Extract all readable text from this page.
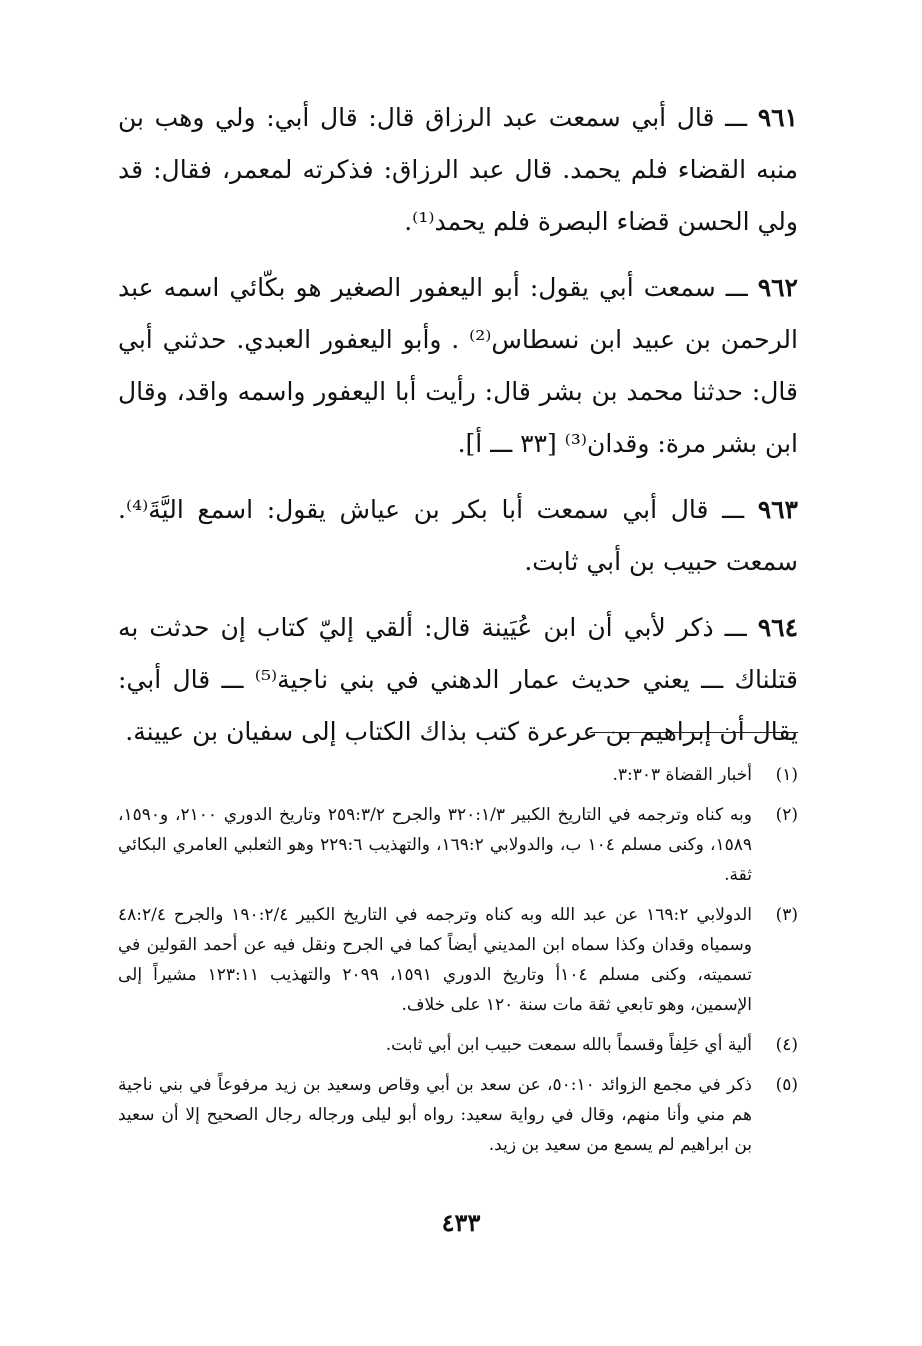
٩٦١ ـــ قال أبي سمعت عبد الرزاق قال: قال أبي: ولي وهب بن منبه القضاء فلم يحمد. قال عبد الرزاق: فذكرته لمعمر، فقال: قد ولي الحسن قضاء البصرة فلم يحمد⁽¹⁾.

٩٦٢ ـــ سمعت أبي يقول: أبو اليعفور الصغير هو بكّائي اسمه عبد الرحمن بن عبيد ابن نسطاس⁽²⁾ . وأبو اليعفور العبدي. حدثني أبي قال: حدثنا محمد بن بشر قال: رأيت أبا اليعفور واسمه واقد، وقال ابن بشر مرة: وقدان⁽³⁾ [٣٣ ـــ أ].

٩٦٣ ـــ قال أبي سمعت أبا بكر بن عياش يقول: اسمع اليَّةَ⁽⁴⁾. سمعت حبيب بن أبي ثابت.

٩٦٤ ـــ ذكر لأبي أن ابن عُيَينة قال: ألقي إليّ كتاب إن حدثت به قتلناك ـــ يعني حديث عمار الدهني في بني ناجية⁽⁵⁾ ـــ قال أبي: يقال أن إبراهيم بن عرعرة كتب بذاك الكتاب إلى سفيان بن عيينة.

(١)
أخبار القضاة ٣:٣٠٣.
(٢)
وبه كناه وترجمه في التاريخ الكبير ٣٢٠:١/٣ والجرح ٢٥٩:٣/٢ وتاريخ الدوري ٢١٠٠، و١٥٩٠، ١٥٨٩، وكنى مسلم ١٠٤ ب، والدولابي ١٦٩:٢، والتهذيب ٢٢٩:٦ وهو الثعلبي العامري البكائي ثقة.
(٣)
الدولابي ١٦٩:٢ عن عبد الله وبه كناه وترجمه في التاريخ الكبير ١٩٠:٢/٤ والجرح ٤٨:٢/٤ وسمياه وقدان وكذا سماه ابن المديني أيضاً كما في الجرح ونقل فيه عن أحمد القولين في تسميته، وكنى مسلم ١٠٤أ وتاريخ الدوري ١٥٩١، ٢٠٩٩ والتهذيب ١٢٣:١١ مشيراً إلى الإسمين، وهو تابعي ثقة مات سنة ١٢٠ على خلاف.
(٤)
ألية أي حَلِفاً وقسماً بالله سمعت حبيب ابن أبي ثابت.
(٥)
ذكر في مجمع الزوائد ٥٠:١٠، عن سعد بن أبي وقاص وسعيد بن زيد مرفوعاً في بني ناجية هم مني وأنا منهم، وقال في رواية سعيد: رواه أبو ليلى ورجاله رجال الصحيح إلا أن سعيد بن ابراهيم لم يسمع من سعيد بن زيد.
٤٣٣
